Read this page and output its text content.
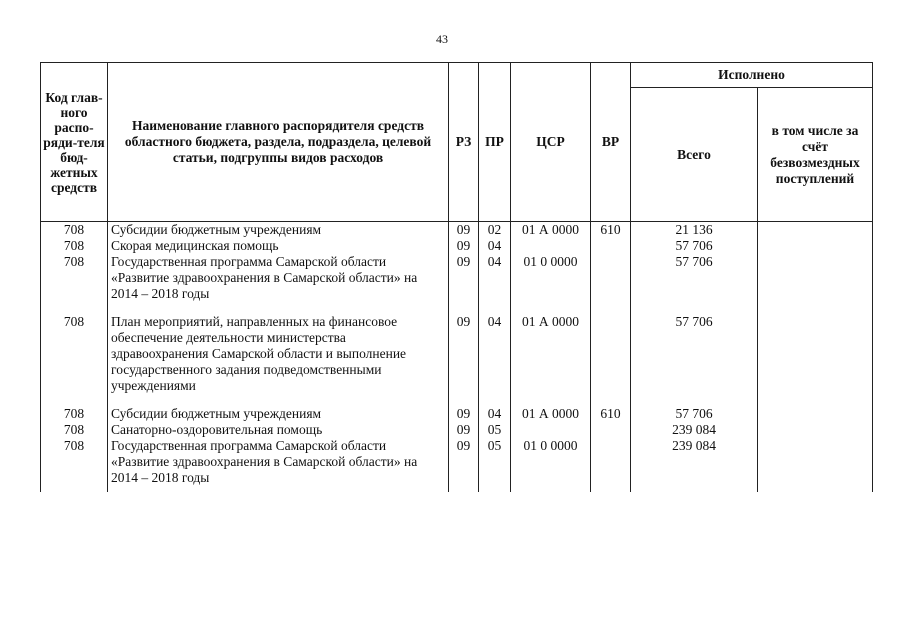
43
Код глав-ного распо-ряди-теля бюд-жетных средств	Наименование главного распорядителя средств областного бюджета, раздела, подраздела, целевой статьи, подгруппы видов расходов	РЗ	ПР	ЦСР	ВР	Исполнено	
						Всего	в том числе за счёт безвозмездных поступлений
708	Субсидии бюджетным учреждениям	09	02	01 А 0000	610	21 136	
708	Скорая медицинская помощь	09	04			57 706	
708	Государственная программа Самарской области «Развитие здравоохранения в Самарской области» на 2014 – 2018 годы	09	04	01 0 0000		57 706	

708	План мероприятий, направленных на финансовое обеспечение деятельности министерства здравоохранения Самарской области и выполнение государственного задания подведомственными учреждениями	09	04	01 А 0000		57 706	

708	Субсидии бюджетным учреждениям	09	04	01 А 0000	610	57 706	
708	Санаторно-оздоровительная помощь	09	05			239 084	
708	Государственная программа Самарской области «Развитие здравоохранения в Самарской области» на 2014 – 2018 годы	09	05	01 0 0000		239 084	
